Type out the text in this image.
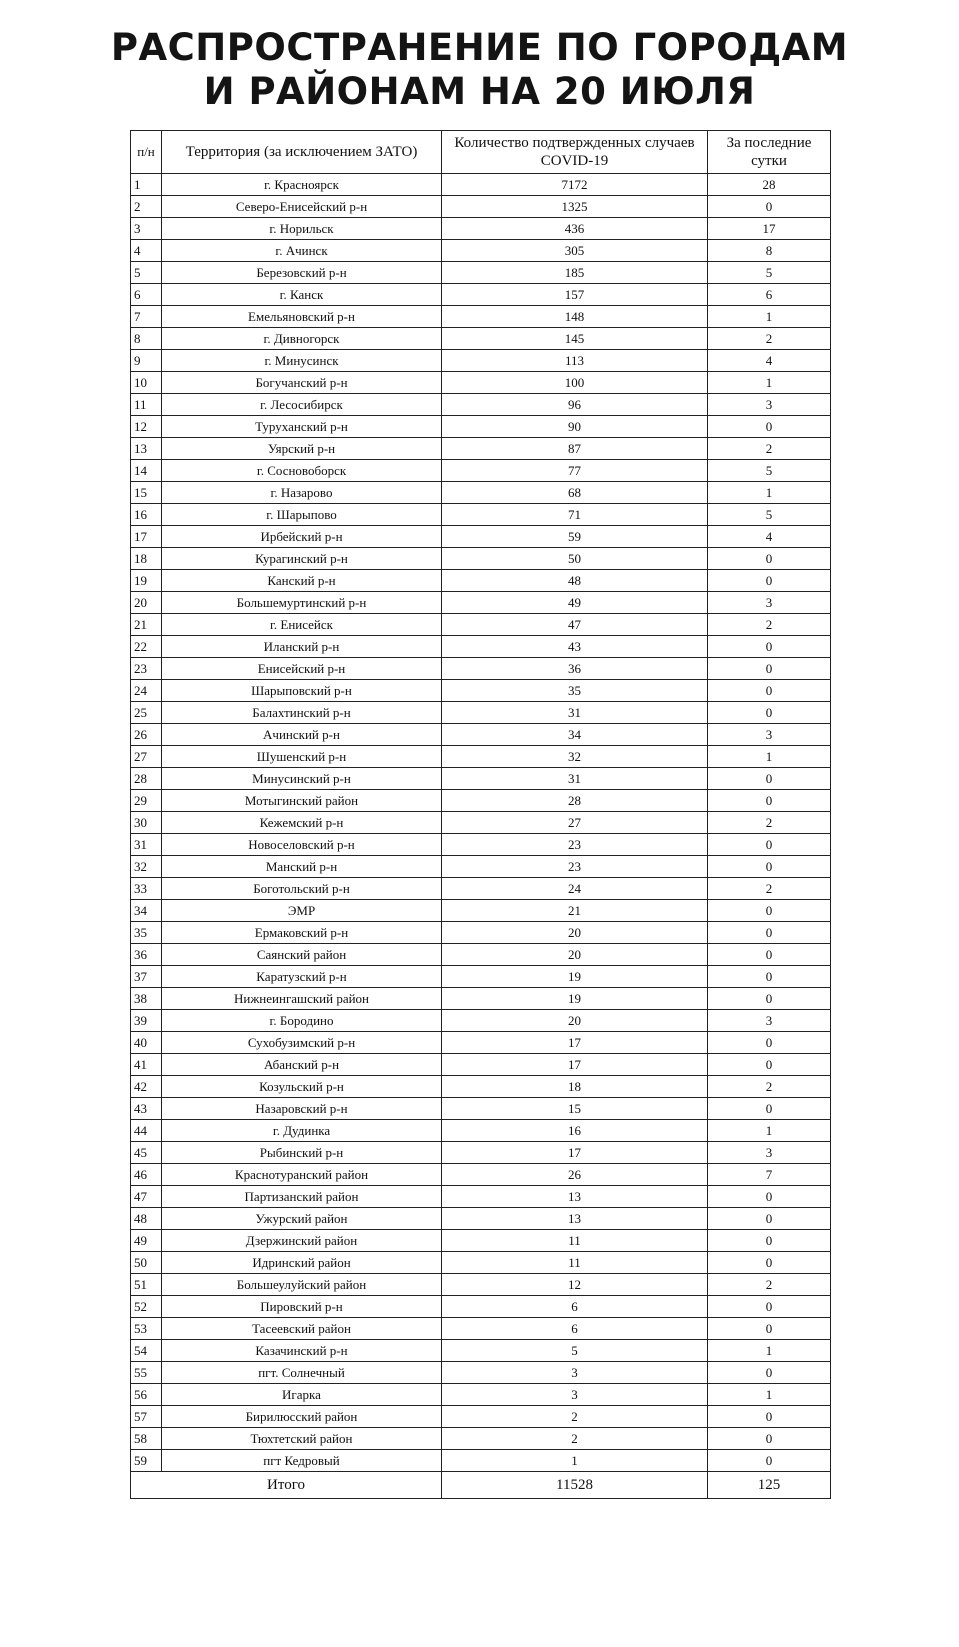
РАСПРОСТРАНЕНИЕ ПО ГОРОДАМ
И РАЙОНАМ НА 20 ИЮЛЯ
п/н	Территория (за исключением ЗАТО)	Количество подтвержденных случаев COVID-19	За последние сутки
1	г. Красноярск	7172	28
2	Северо-Енисейский р-н	1325	0
3	г. Норильск	436	17
4	г. Ачинск	305	8
5	Березовский р-н	185	5
6	г. Канск	157	6
7	Емельяновский р-н	148	1
8	г. Дивногорск	145	2
9	г. Минусинск	113	4
10	Богучанский р-н	100	1
11	г. Лесосибирск	96	3
12	Туруханский р-н	90	0
13	Уярский р-н	87	2
14	г. Сосновоборск	77	5
15	г. Назарово	68	1
16	г. Шарыпово	71	5
17	Ирбейский р-н	59	4
18	Курагинский р-н	50	0
19	Канский р-н	48	0
20	Большемуртинский р-н	49	3
21	г. Енисейск	47	2
22	Иланский р-н	43	0
23	Енисейский р-н	36	0
24	Шарыповский р-н	35	0
25	Балахтинский р-н	31	0
26	Ачинский р-н	34	3
27	Шушенский р-н	32	1
28	Минусинский р-н	31	0
29	Мотыгинский район	28	0
30	Кежемский р-н	27	2
31	Новоселовский р-н	23	0
32	Манский р-н	23	0
33	Боготольский р-н	24	2
34	ЭМР	21	0
35	Ермаковский р-н	20	0
36	Саянский район	20	0
37	Каратузский р-н	19	0
38	Нижнеингашский район	19	0
39	г. Бородино	20	3
40	Сухобузимский р-н	17	0
41	Абанский р-н	17	0
42	Козульский р-н	18	2
43	Назаровский р-н	15	0
44	г. Дудинка	16	1
45	Рыбинский р-н	17	3
46	Краснотуранский район	26	7
47	Партизанский район	13	0
48	Ужурский район	13	0
49	Дзержинский район	11	0
50	Идринский район	11	0
51	Большеулуйский район	12	2
52	Пировский р-н	6	0
53	Тасеевский район	6	0
54	Казачинский р-н	5	1
55	пгт. Солнечный	3	0
56	Игарка	3	1
57	Бирилюсский район	2	0
58	Тюхтетский район	2	0
59	пгт Кедровый	1	0
Итого		11528	125
